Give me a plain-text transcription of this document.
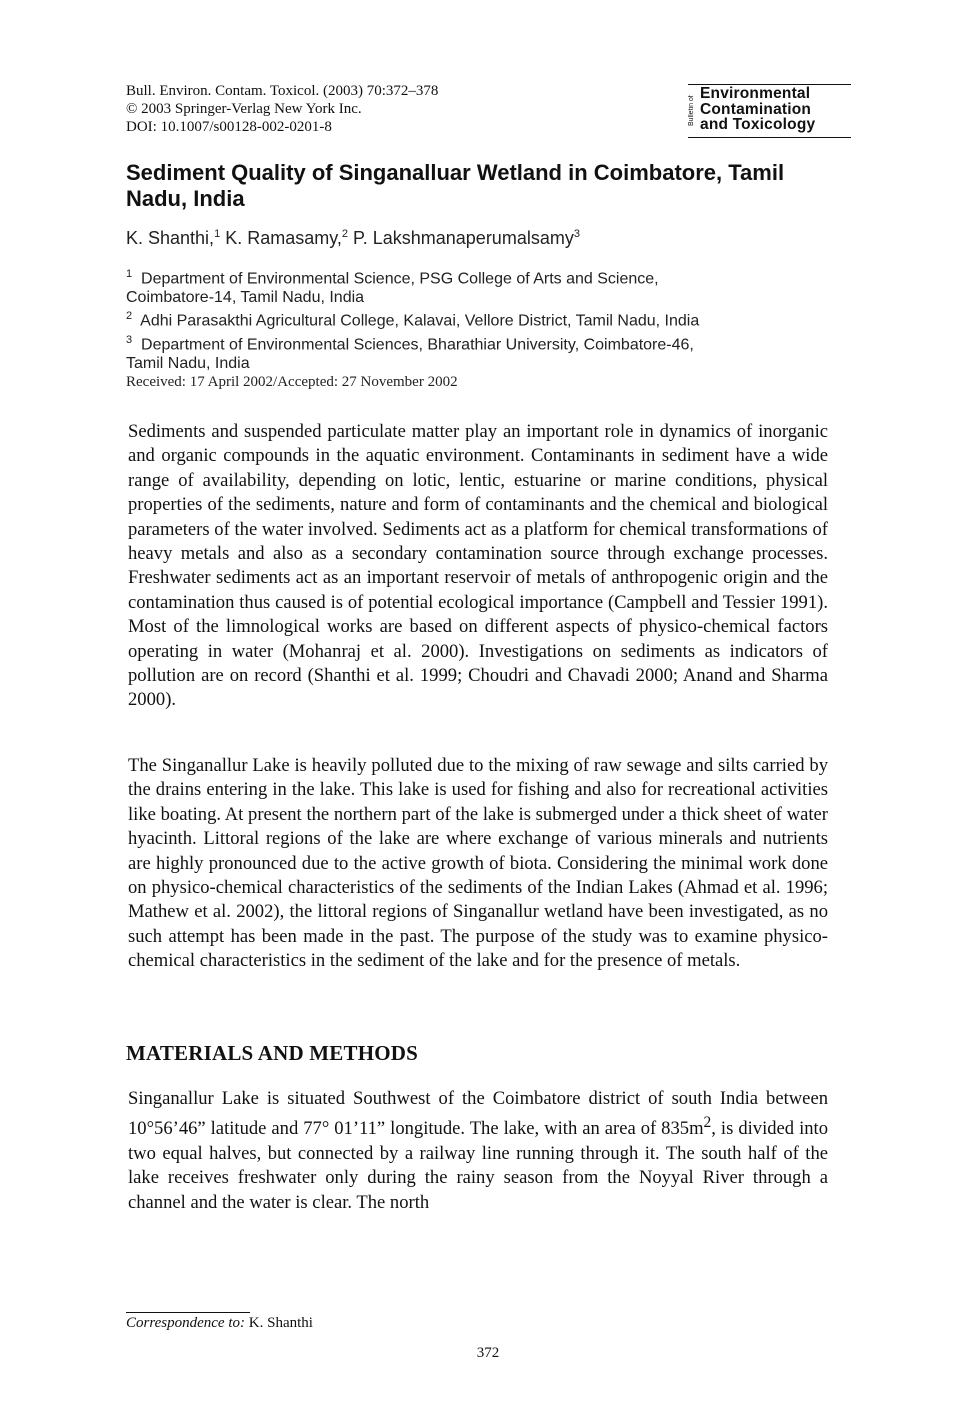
Bull. Environ. Contam. Toxicol. (2003) 70:372–378
© 2003 Springer-Verlag New York Inc.
DOI: 10.1007/s00128-002-0201-8
Bulletin of
Environmental
Contamination
and Toxicology
Sediment Quality of Singanalluar Wetland in Coimbatore, Tamil Nadu, India
K. Shanthi,$^1$ K. Ramasamy,$^2$ P. Lakshmanaperumalsamy$^3$
$^1$ Department of Environmental Science, PSG College of Arts and Science,
Coimbatore-14, Tamil Nadu, India
$^2$ Adhi Parasakthi Agricultural College, Kalavai, Vellore District, Tamil Nadu, India
$^3$ Department of Environmental Sciences, Bharathiar University, Coimbatore-46,
Tamil Nadu, India
Received: 17 April 2002/Accepted: 27 November 2002
Sediments and suspended particulate matter play an important role in dynamics of inorganic and organic compounds in the aquatic environment. Contaminants in sediment have a wide range of availability, depending on lotic, lentic, estuarine or marine conditions, physical properties of the sediments, nature and form of contaminants and the chemical and biological parameters of the water involved. Sediments act as a platform for chemical transformations of heavy metals and also as a secondary contamination source through exchange processes. Freshwater sediments act as an important reservoir of metals of anthropogenic origin and the contamination thus caused is of potential ecological importance (Campbell and Tessier 1991). Most of the limnological works are based on different aspects of physico-chemical factors operating in water (Mohanraj et al. 2000). Investigations on sediments as indicators of pollution are on record (Shanthi et al. 1999; Choudri and Chavadi 2000; Anand and Sharma 2000).
The Singanallur Lake is heavily polluted due to the mixing of raw sewage and silts carried by the drains entering in the lake. This lake is used for fishing and also for recreational activities like boating. At present the northern part of the lake is submerged under a thick sheet of water hyacinth. Littoral regions of the lake are where exchange of various minerals and nutrients are highly pronounced due to the active growth of biota. Considering the minimal work done on physico-chemical characteristics of the sediments of the Indian Lakes (Ahmad et al. 1996; Mathew et al. 2002), the littoral regions of Singanallur wetland have been investigated, as no such attempt has been made in the past. The purpose of the study was to examine physico-chemical characteristics in the sediment of the lake and for the presence of metals.
MATERIALS AND METHODS
Singanallur Lake is situated Southwest of the Coimbatore district of south India between 10°56’46” latitude and 77° 01’11” longitude. The lake, with an area of $835m^2$, is divided into two equal halves, but connected by a railway line running through it. The south half of the lake receives freshwater only during the rainy season from the Noyyal River through a channel and the water is clear. The north
Correspondence to: K. Shanthi
372
